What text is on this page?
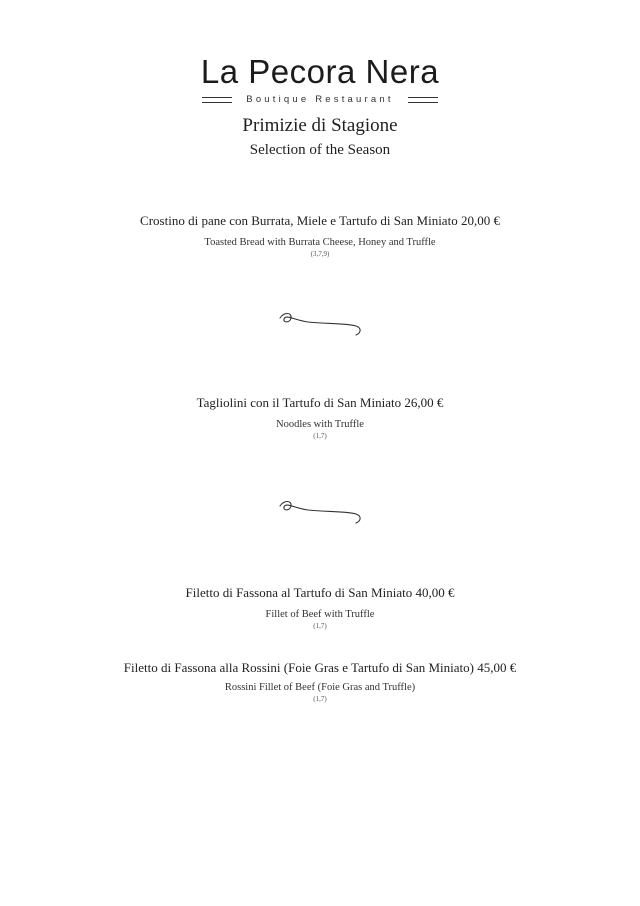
La Pecora Nera
Boutique Restaurant
Primizie di Stagione
Selection of the Season
Crostino di pane con Burrata, Miele e Tartufo di San Miniato 20,00 €
Toasted Bread with Burrata Cheese, Honey and Truffle
(3,7,9)
Tagliolini con il Tartufo di San Miniato 26,00 €
Noodles with Truffle
(1,7)
Filetto di Fassona al Tartufo di San Miniato 40,00 €
Fillet of Beef with Truffle
(1,7)
Filetto di Fassona alla Rossini (Foie Gras e Tartufo di San Miniato) 45,00 €
Rossini Fillet of Beef (Foie Gras and Truffle)
(1,7)
